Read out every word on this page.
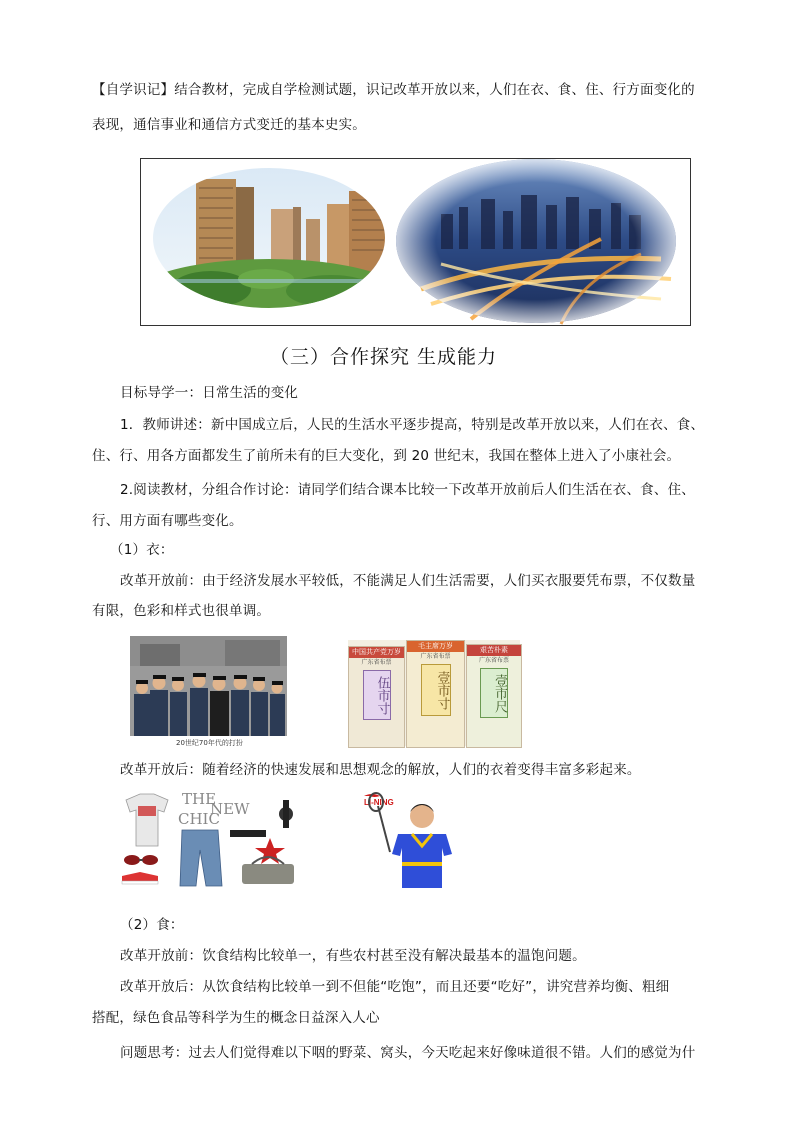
【自学识记】结合教材，完成自学检测试题，识记改革开放以来，人们在衣、食、住、行方面变化的
表现，通信事业和通信方式变迁的基本史实。
（三）合作探究 生成能力
目标导学一：日常生活的变化
1．教师讲述：新中国成立后，人民的生活水平逐步提高，特别是改革开放以来，人们在衣、食、
住、行、用各方面都发生了前所未有的巨大变化，到 20 世纪末，我国在整体上进入了小康社会。
2.阅读教材，分组合作讨论：请同学们结合课本比较一下改革开放前后人们生活在衣、食、住、
行、用方面有哪些变化。
（1）衣：
改革开放前：由于经济发展水平较低，不能满足人们生活需要，人们买衣服要凭布票，不仅数量
有限，色彩和样式也很单调。
20世纪70年代的打扮
中国共产党万岁
广东省布票
伍市寸
毛主席万岁
广东省布票
壹市寸
艰苦朴素
广东省布票
壹市尺
改革开放后：随着经济的快速发展和思想观念的解放，人们的衣着变得丰富多彩起来。
THE
NEW
CHIC
LI-NING
（2）食：
改革开放前：饮食结构比较单一，有些农村甚至没有解决最基本的温饱问题。
改革开放后：从饮食结构比较单一到不但能“吃饱”，而且还要“吃好”，讲究营养均衡、粗细
搭配，绿色食品等科学为生的概念日益深入人心
问题思考：过去人们觉得难以下咽的野菜、窝头，今天吃起来好像味道很不错。人们的感觉为什
